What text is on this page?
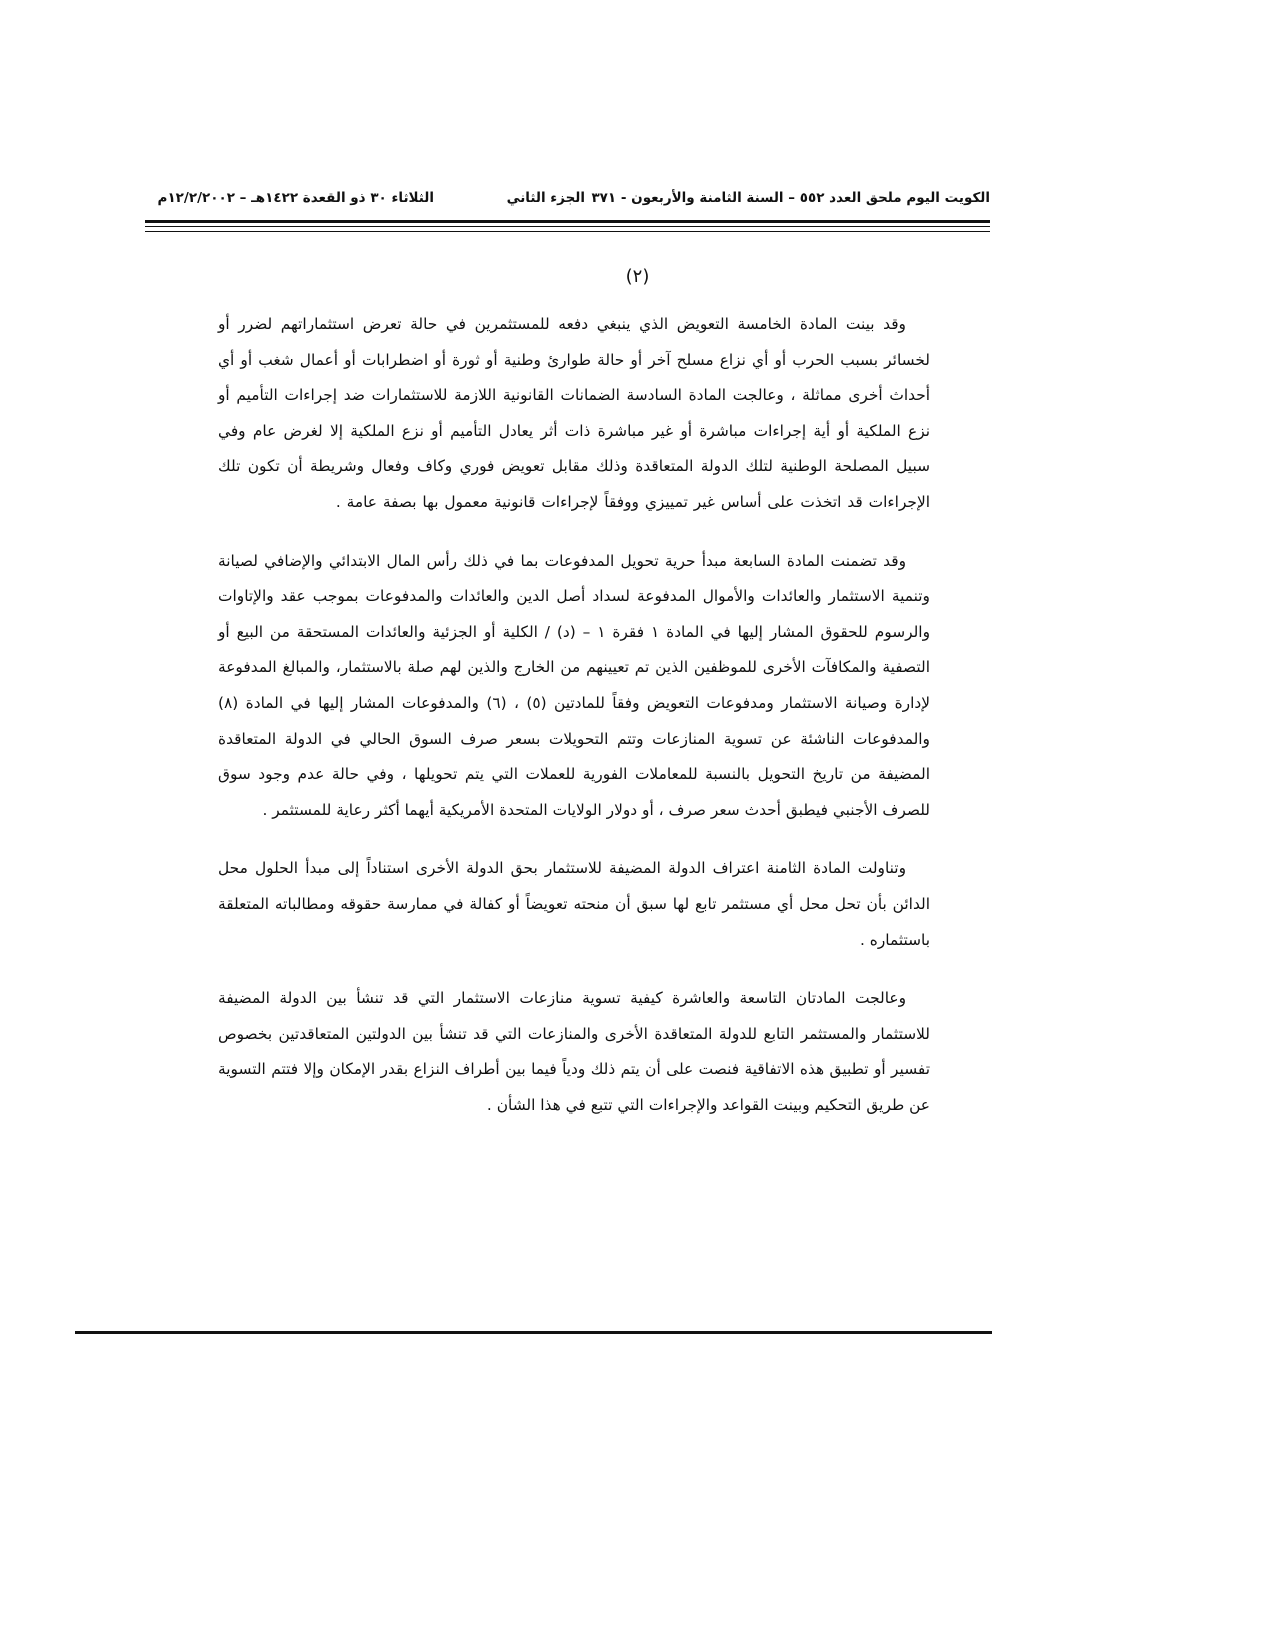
الكويت اليوم ملحق العدد ٥٥٢ – السنة الثامنة والأربعون - ٣٧١
الجزء الثاني
الثلاثاء ٣٠ ذو القعدة ١٤٢٢هـ – ١٢/٢/٢٠٠٢م
(٢)

وقد بينت المادة الخامسة التعويض الذي ينبغي دفعه للمستثمرين في حالة تعرض استثماراتهم لضرر أو لخسائر بسبب الحرب أو أي نزاع مسلح آخر أو حالة طوارئ وطنية أو ثورة أو اضطرابات أو أعمال شغب أو أي أحداث أخرى مماثلة ، وعالجت المادة السادسة الضمانات القانونية اللازمة للاستثمارات ضد إجراءات التأميم أو نزع الملكية أو أية إجراءات مباشرة أو غير مباشرة ذات أثر يعادل التأميم أو نزع الملكية إلا لغرض عام وفي سبيل المصلحة الوطنية لتلك الدولة المتعاقدة وذلك مقابل تعويض فوري وكاف وفعال وشريطة أن تكون تلك الإجراءات قد اتخذت على أساس غير تمييزي ووفقاً لإجراءات قانونية معمول بها بصفة عامة .

وقد تضمنت المادة السابعة مبدأ حرية تحويل المدفوعات بما في ذلك رأس المال الابتدائي والإضافي لصيانة وتنمية الاستثمار والعائدات والأموال المدفوعة لسداد أصل الدين والعائدات والمدفوعات بموجب عقد والإتاوات والرسوم للحقوق المشار إليها في المادة ١ فقرة ١ – (د) / الكلية أو الجزئية والعائدات المستحقة من البيع أو التصفية والمكافآت الأخرى للموظفين الذين تم تعيينهم من الخارج والذين لهم صلة بالاستثمار، والمبالغ المدفوعة لإدارة وصيانة الاستثمار ومدفوعات التعويض وفقاً للمادتين (٥) ، (٦) والمدفوعات المشار إليها في المادة (٨) والمدفوعات الناشئة عن تسوية المنازعات وتتم التحويلات بسعر صرف السوق الحالي في الدولة المتعاقدة المضيفة من تاريخ التحويل بالنسبة للمعاملات الفورية للعملات التي يتم تحويلها ، وفي حالة عدم وجود سوق للصرف الأجنبي فيطبق أحدث سعر صرف ، أو دولار الولايات المتحدة الأمريكية أيهما أكثر رعاية للمستثمر .

وتناولت المادة الثامنة اعتراف الدولة المضيفة للاستثمار بحق الدولة الأخرى استناداً إلى مبدأ الحلول محل الدائن بأن تحل محل أي مستثمر تابع لها سبق أن منحته تعويضاً أو كفالة في ممارسة حقوقه ومطالباته المتعلقة باستثماره .

وعالجت المادتان التاسعة والعاشرة كيفية تسوية منازعات الاستثمار التي قد تنشأ بين الدولة المضيفة للاستثمار والمستثمر التابع للدولة المتعاقدة الأخرى والمنازعات التي قد تنشأ بين الدولتين المتعاقدتين بخصوص تفسير أو تطبيق هذه الاتفاقية فنصت على أن يتم ذلك ودياً فيما بين أطراف النزاع بقدر الإمكان وإلا فتتم التسوية عن طريق التحكيم وبينت القواعد والإجراءات التي تتبع في هذا الشأن .
